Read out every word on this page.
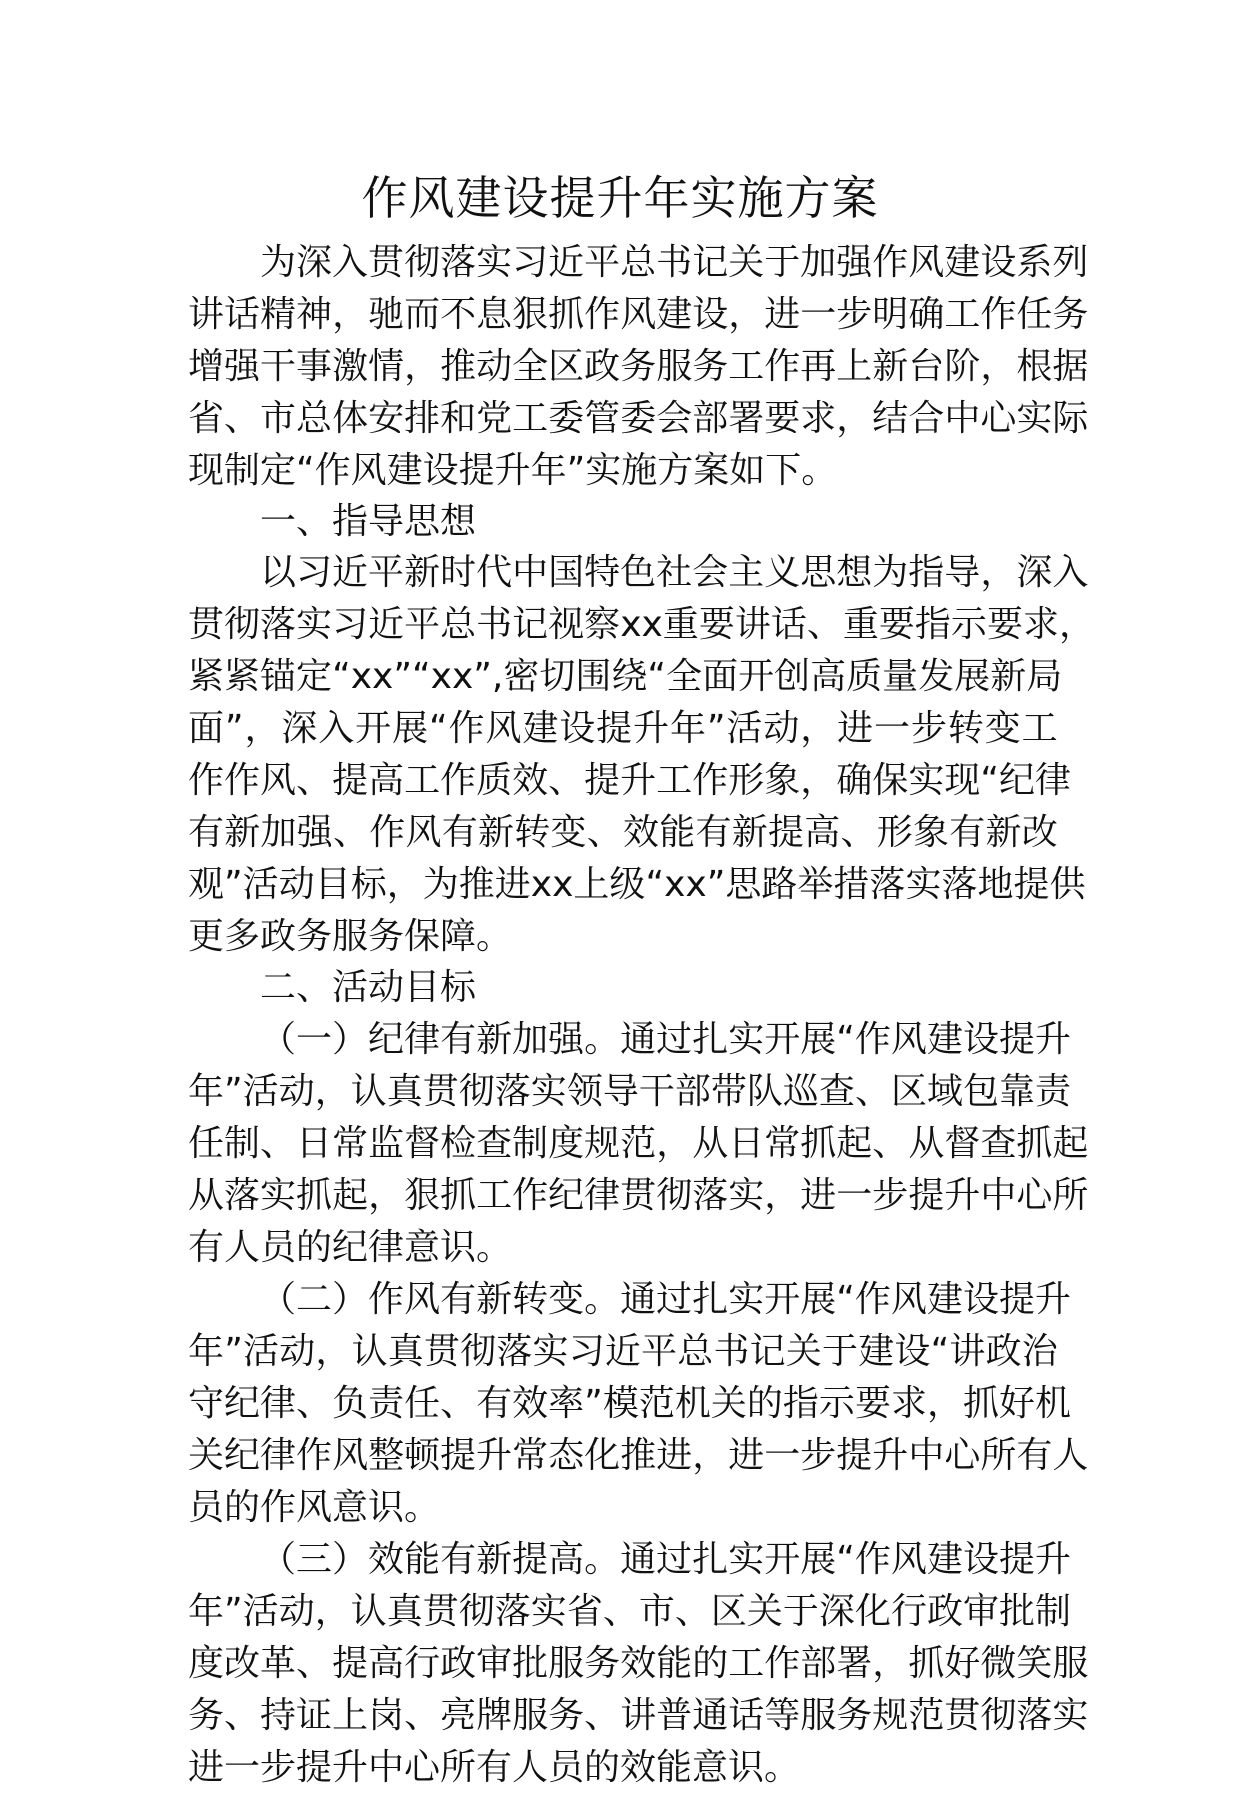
作风建设提升年实施方案
为 深 入 贯 彻 落 实 习 近 平 总 书 记 关 于 加 强 作 风 建 设 系 列
讲 话 精 神 ， 驰 而 不 息 狠 抓 作 风 建 设 ， 进 一 步 明 确 工 作 任 务
增 强 干 事 激 情 ， 推 动 全 区 政 务 服 务 工 作 再 上 新 台 阶 ， 根 据
省 、 市 总 体 安 排 和 党 工 委 管 委 会 部 署 要 求 ， 结 合 中 心 实 际
现制定“作风建设提升年”实施方案如下。
一、指导思想
以 习 近 平 新 时 代 中 国 特 色 社 会 主 义 思 想 为 指 导 ， 深 入
贯 彻 落 实 习 近 平 总 书 记 视 察 xx 重 要 讲 话 、 重 要 指 示 要 求 ，
紧 紧 锚 定 “ xx ” “ xx ” , 密 切 围 绕 “ 全 面 开 创 高 质 量 发 展 新 局
面 ” ， 深 入 开 展 “ 作 风 建 设 提 升 年 ” 活 动 ， 进 一 步 转 变 工
作 作 风 、 提 高 工 作 质 效 、 提 升 工 作 形 象 ， 确 保 实 现 “ 纪 律
有 新 加 强 、 作 风 有 新 转 变 、 效 能 有 新 提 高 、 形 象 有 新 改
观 ” 活 动 目 标 ， 为 推 进 xx 上 级 “ xx ” 思 路 举 措 落 实 落 地 提 供
更多政务服务保障。
二、活动目标
（ 一 ） 纪 律 有 新 加 强 。 通 过 扎 实 开 展 “ 作 风 建 设 提 升
年 ” 活 动 ， 认 真 贯 彻 落 实 领 导 干 部 带 队 巡 查 、 区 域 包 靠 责
任 制 、 日 常 监 督 检 查 制 度 规 范 ， 从 日 常 抓 起 、 从 督 查 抓 起
从 落 实 抓 起 ， 狠 抓 工 作 纪 律 贯 彻 落 实 ， 进 一 步 提 升 中 心 所
有人员的纪律意识。
（ 二 ） 作 风 有 新 转 变 。 通 过 扎 实 开 展 “ 作 风 建 设 提 升
年 ” 活 动 ， 认 真 贯 彻 落 实 习 近 平 总 书 记 关 于 建 设 “ 讲 政 治
守 纪 律 、 负 责 任 、 有 效 率 ” 模 范 机 关 的 指 示 要 求 ， 抓 好 机
关 纪 律 作 风 整 顿 提 升 常 态 化 推 进 ， 进 一 步 提 升 中 心 所 有 人
员的作风意识。
（ 三 ） 效 能 有 新 提 高 。 通 过 扎 实 开 展 “ 作 风 建 设 提 升
年 ” 活 动 ， 认 真 贯 彻 落 实 省 、 市 、 区 关 于 深 化 行 政 审 批 制
度 改 革 、 提 高 行 政 审 批 服 务 效 能 的 工 作 部 署 ， 抓 好 微 笑 服
务 、 持 证 上 岗 、 亮 牌 服 务 、 讲 普 通 话 等 服 务 规 范 贯 彻 落 实
进一步提升中心所有人员的效能意识。
